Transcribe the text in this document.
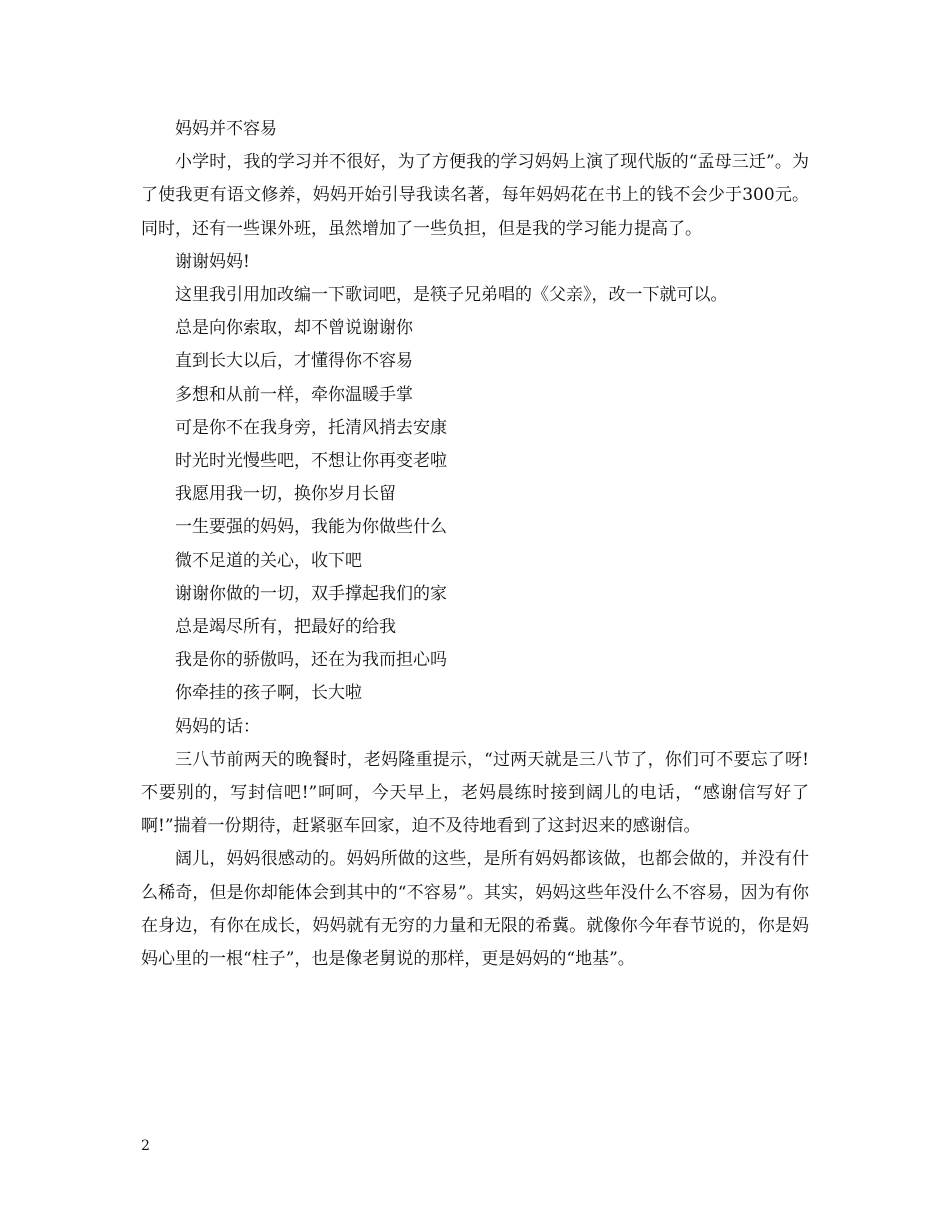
妈妈并不容易

小学时，我的学习并不很好，为了方便我的学习妈妈上演了现代版的“孟母三迁”。为了使我更有语文修养，妈妈开始引导我读名著，每年妈妈花在书上的钱不会少于300元。同时，还有一些课外班，虽然增加了一些负担，但是我的学习能力提高了。

谢谢妈妈!

这里我引用加改编一下歌词吧，是筷子兄弟唱的《父亲》，改一下就可以。

总是向你索取，却不曾说谢谢你

直到长大以后，才懂得你不容易

多想和从前一样，牵你温暖手掌

可是你不在我身旁，托清风捎去安康

时光时光慢些吧，不想让你再变老啦

我愿用我一切，换你岁月长留

一生要强的妈妈，我能为你做些什么

微不足道的关心，收下吧

谢谢你做的一切，双手撑起我们的家

总是竭尽所有，把最好的给我

我是你的骄傲吗，还在为我而担心吗

你牵挂的孩子啊，长大啦

妈妈的话：

三八节前两天的晚餐时，老妈隆重提示，“过两天就是三八节了，你们可不要忘了呀!不要别的，写封信吧!”呵呵，今天早上，老妈晨练时接到阔儿的电话，“感谢信写好了啊!”揣着一份期待，赶紧驱车回家，迫不及待地看到了这封迟来的感谢信。

阔儿，妈妈很感动的。妈妈所做的这些，是所有妈妈都该做，也都会做的，并没有什么稀奇，但是你却能体会到其中的“不容易”。其实，妈妈这些年没什么不容易，因为有你在身边，有你在成长，妈妈就有无穷的力量和无限的希冀。就像你今年春节说的，你是妈妈心里的一根“柱子”，也是像老舅说的那样，更是妈妈的“地基”。

2
